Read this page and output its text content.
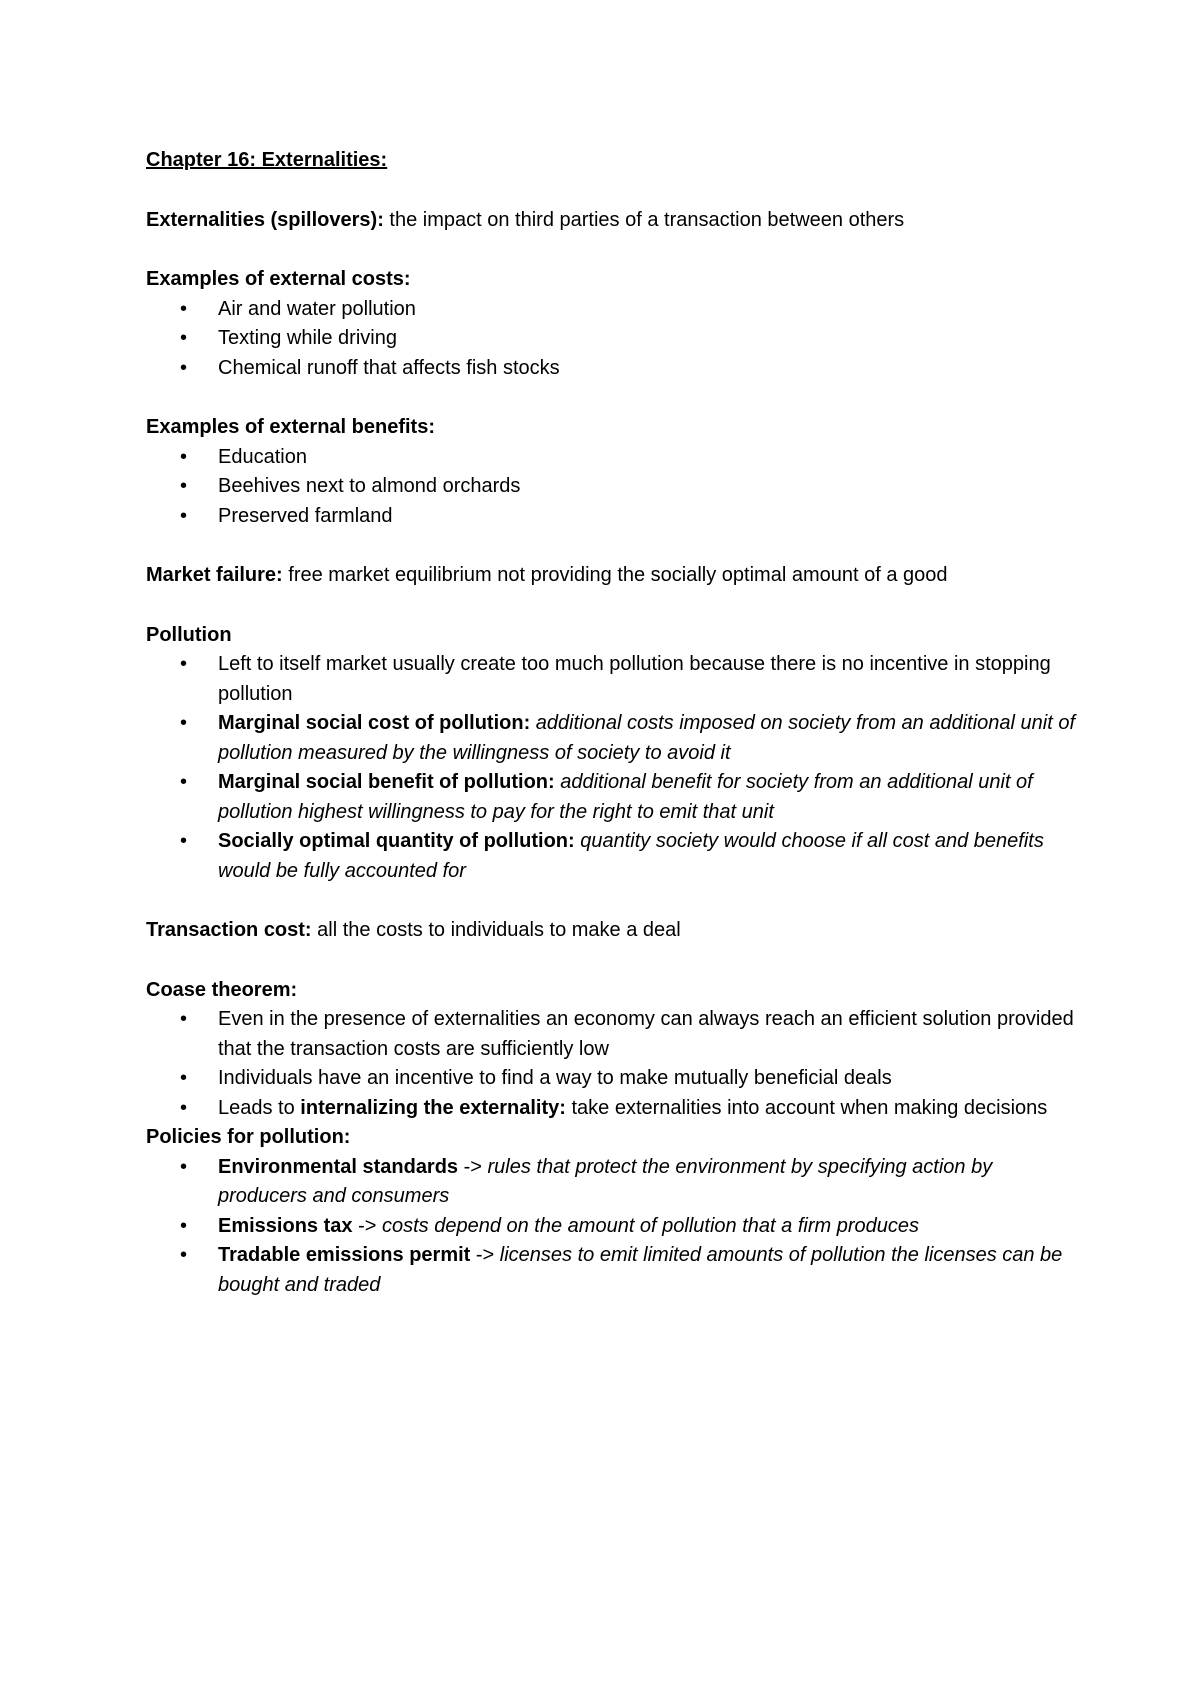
Chapter 16: Externalities:
Externalities (spillovers): the impact on third parties of a transaction between others
Examples of external costs:
• Air and water pollution
• Texting while driving
• Chemical runoff that affects fish stocks
Examples of external benefits:
• Education
• Beehives next to almond orchards
• Preserved farmland
Market failure: free market equilibrium not providing the socially optimal amount of a good
Pollution
• Left to itself market usually create too much pollution because there is no incentive in stopping pollution
• Marginal social cost of pollution: additional costs imposed on society from an additional unit of pollution measured by the willingness of society to avoid it
• Marginal social benefit of pollution: additional benefit for society from an additional unit of pollution highest willingness to pay for the right to emit that unit
• Socially optimal quantity of pollution: quantity society would choose if all cost and benefits would be fully accounted for
Transaction cost: all the costs to individuals to make a deal
Coase theorem:
• Even in the presence of externalities an economy can always reach an efficient solution provided that the transaction costs are sufficiently low
• Individuals have an incentive to find a way to make mutually beneficial deals
• Leads to internalizing the externality: take externalities into account when making decisions
Policies for pollution:
• Environmental standards -> rules that protect the environment by specifying action by producers and consumers
• Emissions tax -> costs depend on the amount of pollution that a firm produces
• Tradable emissions permit -> licenses to emit limited amounts of pollution the licenses can be bought and traded
